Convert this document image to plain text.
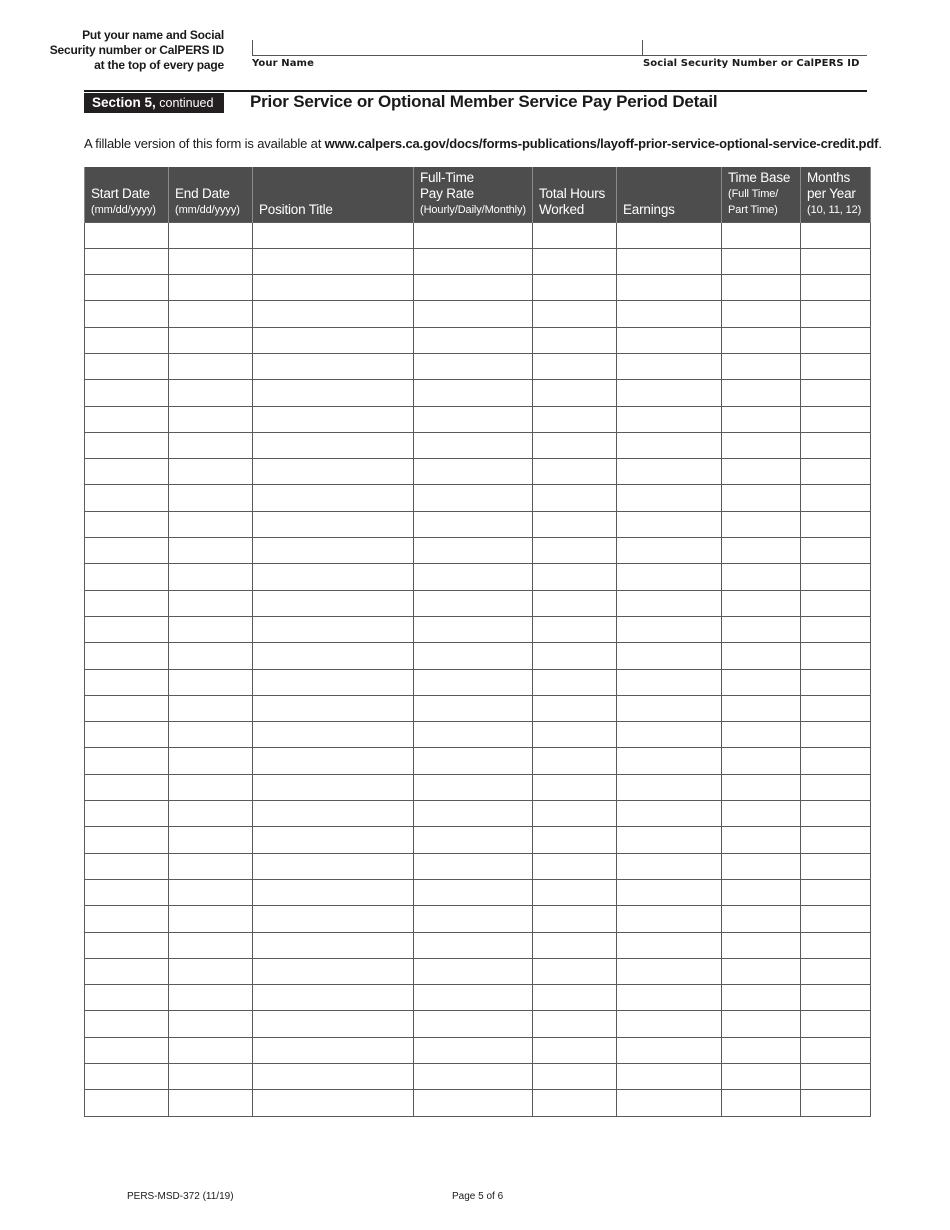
Put your name and Social
Security number or CalPERS ID
at the top of every page	Your Name	Social Security Number or CalPERS ID
Section 5, continued	Prior Service or Optional Member Service Pay Period Detail
A fillable version of this form is available at www.calpers.ca.gov/docs/forms-publications/layoff-prior-service-optional-service-credit.pdf.
Start Date
(mm/dd/yyyy)	End Date
(mm/dd/yyyy)	Position Title	Full-Time
Pay Rate
(Hourly/Daily/Monthly)	Total Hours
Worked	Earnings	Time Base
(Full Time/
Part Time)	Months
per Year
(10, 11, 12)

PERS-MSD-372 (11/19)	Page 5 of 6
